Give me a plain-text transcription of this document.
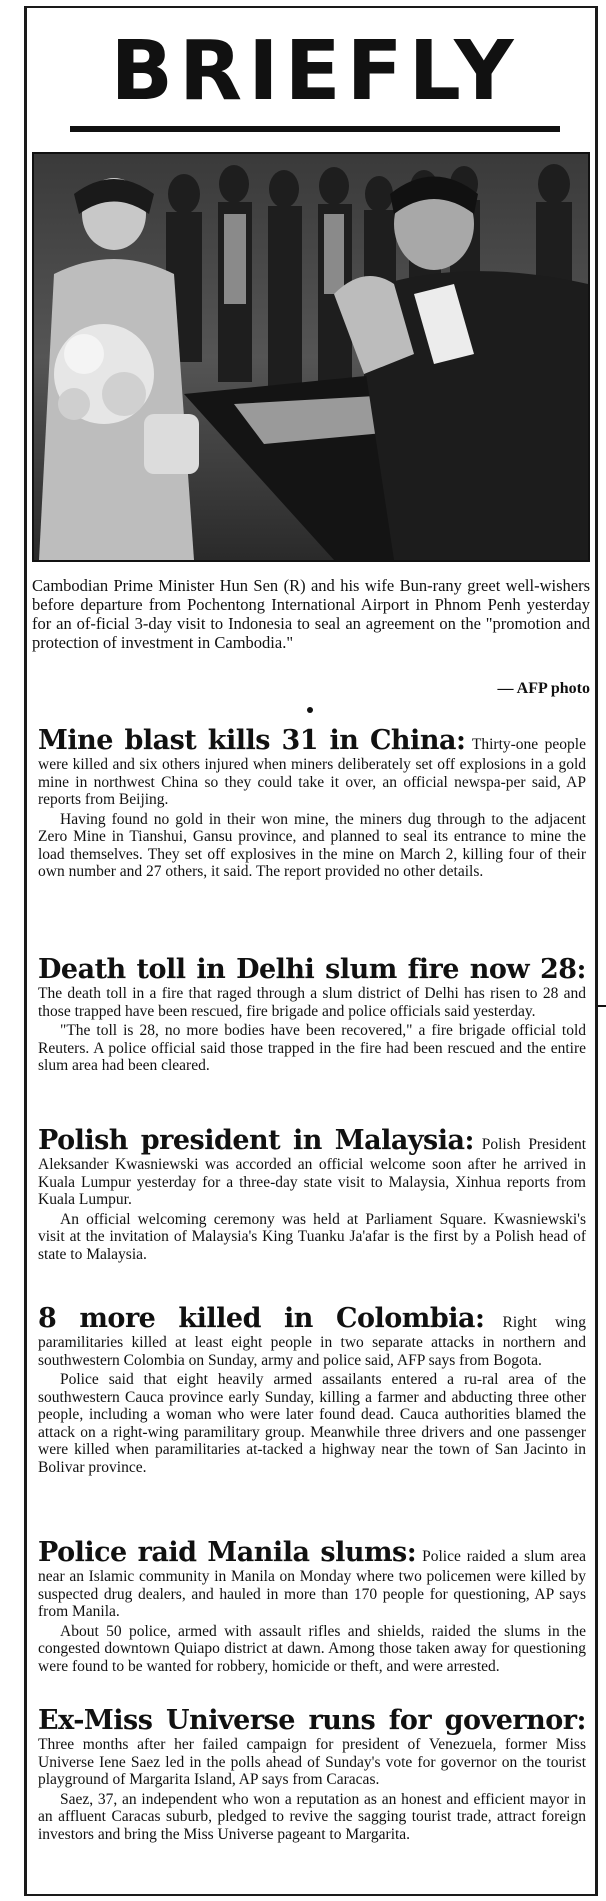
BRIEFLY
Cambodian Prime Minister Hun Sen (R) and his wife Bun-rany greet well-wishers before departure from Pochentong International Airport in Phnom Penh yesterday for an of-ficial 3-day visit to Indonesia to seal an agreement on the "promotion and protection of investment in Cambodia."
— AFP photo
Mine blast kills 31 in China: Thirty-one people were killed and six others injured when miners deliberately set off explosions in a gold mine in northwest China so they could take it over, an official newspa-per said, AP reports from Beijing.

Having found no gold in their won mine, the miners dug through to the adjacent Zero Mine in Tianshui, Gansu province, and planned to seal its entrance to mine the load themselves. They set off explosives in the mine on March 2, killing four of their own number and 27 others, it said. The report provided no other details.
Death toll in Delhi slum fire now 28:

The death toll in a fire that raged through a slum district of Delhi has risen to 28 and those trapped have been rescued, fire brigade and police officials said yesterday.

"The toll is 28, no more bodies have been recovered," a fire brigade official told Reuters. A police official said those trapped in the fire had been rescued and the entire slum area had been cleared.
Polish president in Malaysia: Polish President Aleksander Kwasniewski was accorded an official welcome soon after he arrived in Kuala Lumpur yesterday for a three-day state visit to Malaysia, Xinhua reports from Kuala Lumpur.

An official welcoming ceremony was held at Parliament Square. Kwasniewski's visit at the invitation of Malaysia's King Tuanku Ja'afar is the first by a Polish head of state to Malaysia.
8 more killed in Colombia: Right wing paramilitaries killed at least eight people in two separate attacks in northern and southwestern Colombia on Sunday, army and police said, AFP says from Bogota.

Police said that eight heavily armed assailants entered a ru-ral area of the southwestern Cauca province early Sunday, killing a farmer and abducting three other people, including a woman who were later found dead. Cauca authorities blamed the attack on a right-wing paramilitary group. Meanwhile three drivers and one passenger were killed when paramilitaries at-tacked a highway near the town of San Jacinto in Bolivar province.
Police raid Manila slums: Police raided a slum area near an Islamic community in Manila on Monday where two policemen were killed by suspected drug dealers, and hauled in more than 170 people for questioning, AP says from Manila.

About 50 police, armed with assault rifles and shields, raided the slums in the congested downtown Quiapo district at dawn. Among those taken away for questioning were found to be wanted for robbery, homicide or theft, and were arrested.
Ex-Miss Universe runs for governor:

Three months after her failed campaign for president of Venezuela, former Miss Universe Iene Saez led in the polls ahead of Sunday's vote for governor on the tourist playground of Margarita Island, AP says from Caracas.

Saez, 37, an independent who won a reputation as an honest and efficient mayor in an affluent Caracas suburb, pledged to revive the sagging tourist trade, attract foreign investors and bring the Miss Universe pageant to Margarita.
